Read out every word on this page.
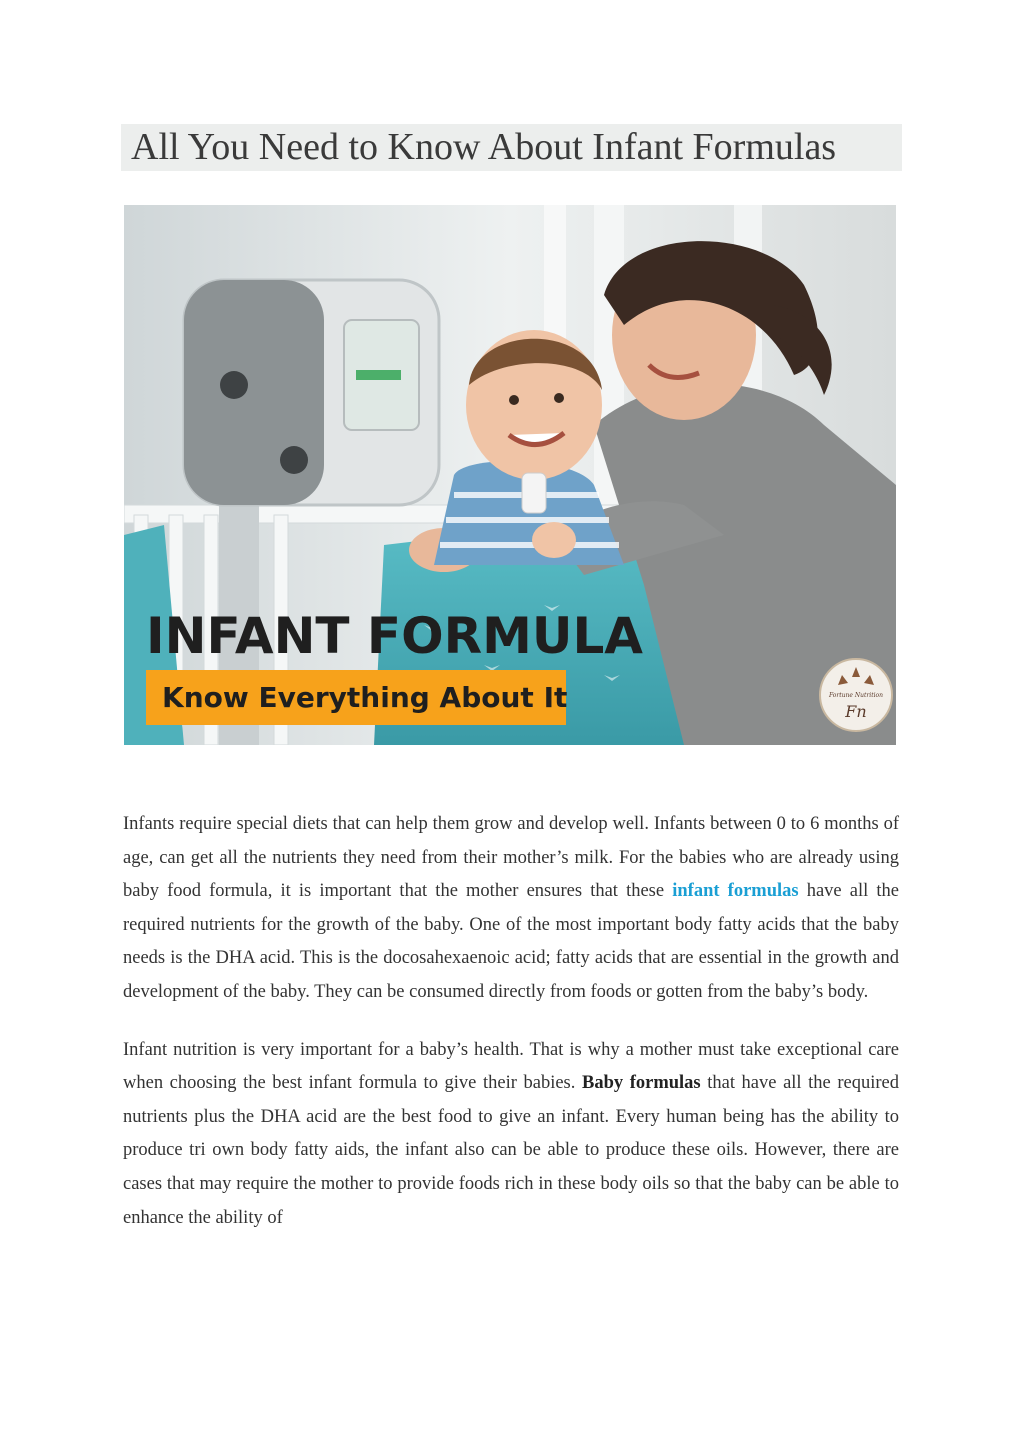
All You Need to Know About Infant Formulas
INFANT FORMULA
Know Everything About It	Fn
Fortune Nutrition

Infants require special diets that can help them grow and develop well. Infants between 0 to 6 months of age, can get all the nutrients they need from their mother’s milk. For the babies who are already using baby food formula, it is important that the mother ensures that these infant formulas have all the required nutrients for the growth of the baby. One of the most important body fatty acids that the baby needs is the DHA acid. This is the docosahexaenoic acid; fatty acids that are essential in the growth and development of the baby. They can be consumed directly from foods or gotten from the baby’s body.

Infant nutrition is very important for a baby’s health. That is why a mother must take exceptional care when choosing the best infant formula to give their babies. Baby formulas that have all the required nutrients plus the DHA acid are the best food to give an infant. Every human being has the ability to produce tri own body fatty aids, the infant also can be able to produce these oils. However, there are cases that may require the mother to provide foods rich in these body oils so that the baby can be able to enhance the ability of
